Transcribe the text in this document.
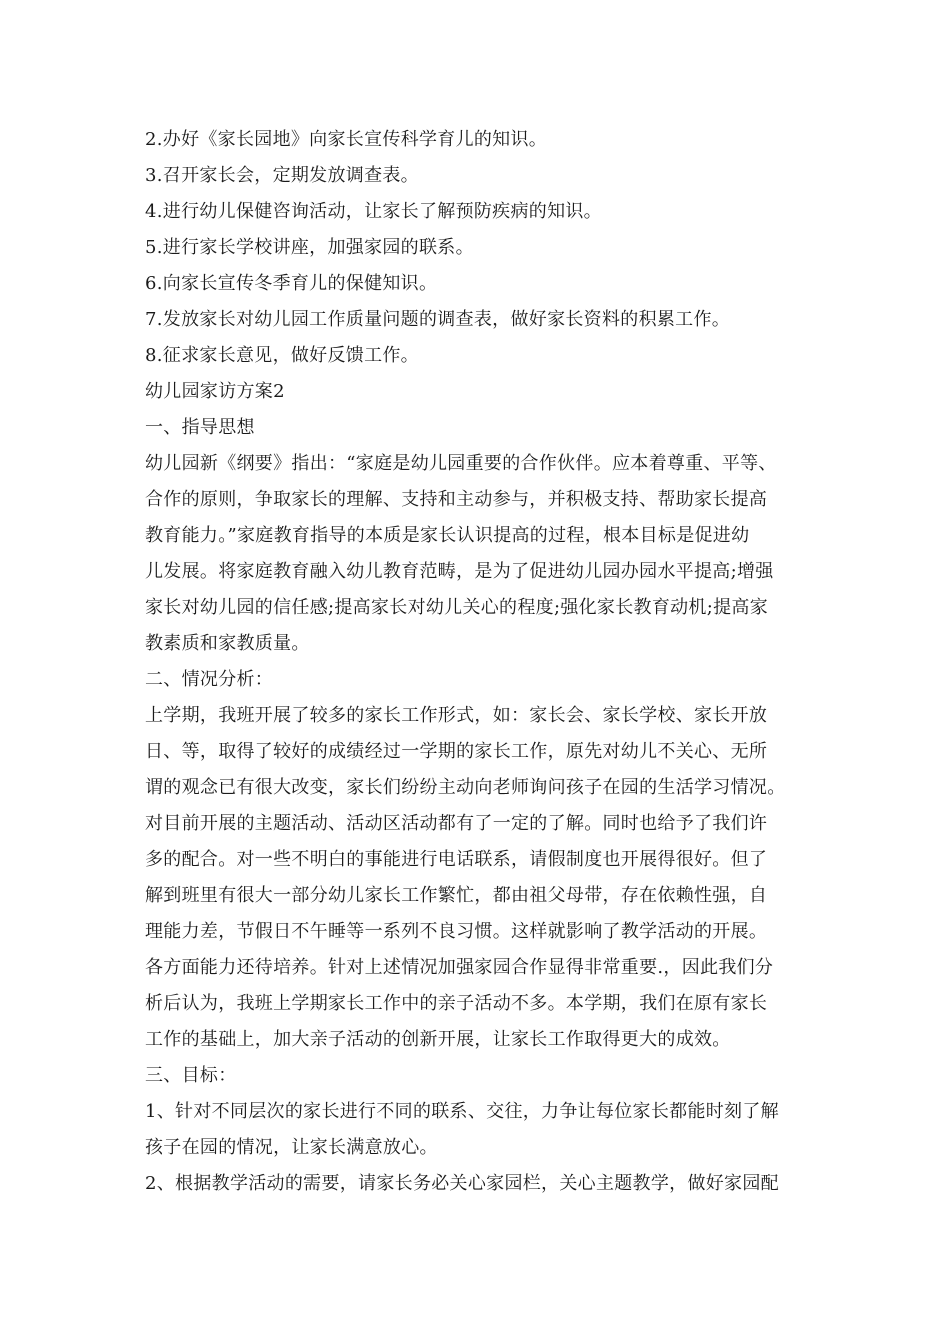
2.办好《家长园地》向家长宣传科学育儿的知识。
3.召开家长会，定期发放调查表。
4.进行幼儿保健咨询活动，让家长了解预防疾病的知识。
5.进行家长学校讲座，加强家园的联系。
6.向家长宣传冬季育儿的保健知识。
7.发放家长对幼儿园工作质量问题的调查表，做好家长资料的积累工作。
8.征求家长意见，做好反馈工作。
幼儿园家访方案2
一、指导思想
幼儿园新《纲要》指出：“家庭是幼儿园重要的合作伙伴。应本着尊重、平等、
合作的原则，争取家长的理解、支持和主动参与，并积极支持、帮助家长提高
教育能力。”家庭教育指导的本质是家长认识提高的过程，根本目标是促进幼
儿发展。将家庭教育融入幼儿教育范畴，是为了促进幼儿园办园水平提高;增强
家长对幼儿园的信任感;提高家长对幼儿关心的程度;强化家长教育动机;提高家
教素质和家教质量。
二、情况分析：
上学期，我班开展了较多的家长工作形式，如：家长会、家长学校、家长开放
日、等，取得了较好的成绩经过一学期的家长工作，原先对幼儿不关心、无所
谓的观念已有很大改变，家长们纷纷主动向老师询问孩子在园的生活学习情况。
对目前开展的主题活动、活动区活动都有了一定的了解。同时也给予了我们许
多的配合。对一些不明白的事能进行电话联系，请假制度也开展得很好。但了
解到班里有很大一部分幼儿家长工作繁忙，都由祖父母带，存在依赖性强，自
理能力差，节假日不午睡等一系列不良习惯。这样就影响了教学活动的开展。
各方面能力还待培养。针对上述情况加强家园合作显得非常重要.，因此我们分
析后认为，我班上学期家长工作中的亲子活动不多。本学期，我们在原有家长
工作的基础上，加大亲子活动的创新开展，让家长工作取得更大的成效。
三、目标：
1、针对不同层次的家长进行不同的联系、交往，力争让每位家长都能时刻了解
孩子在园的情况，让家长满意放心。
2、根据教学活动的需要，请家长务必关心家园栏，关心主题教学，做好家园配
